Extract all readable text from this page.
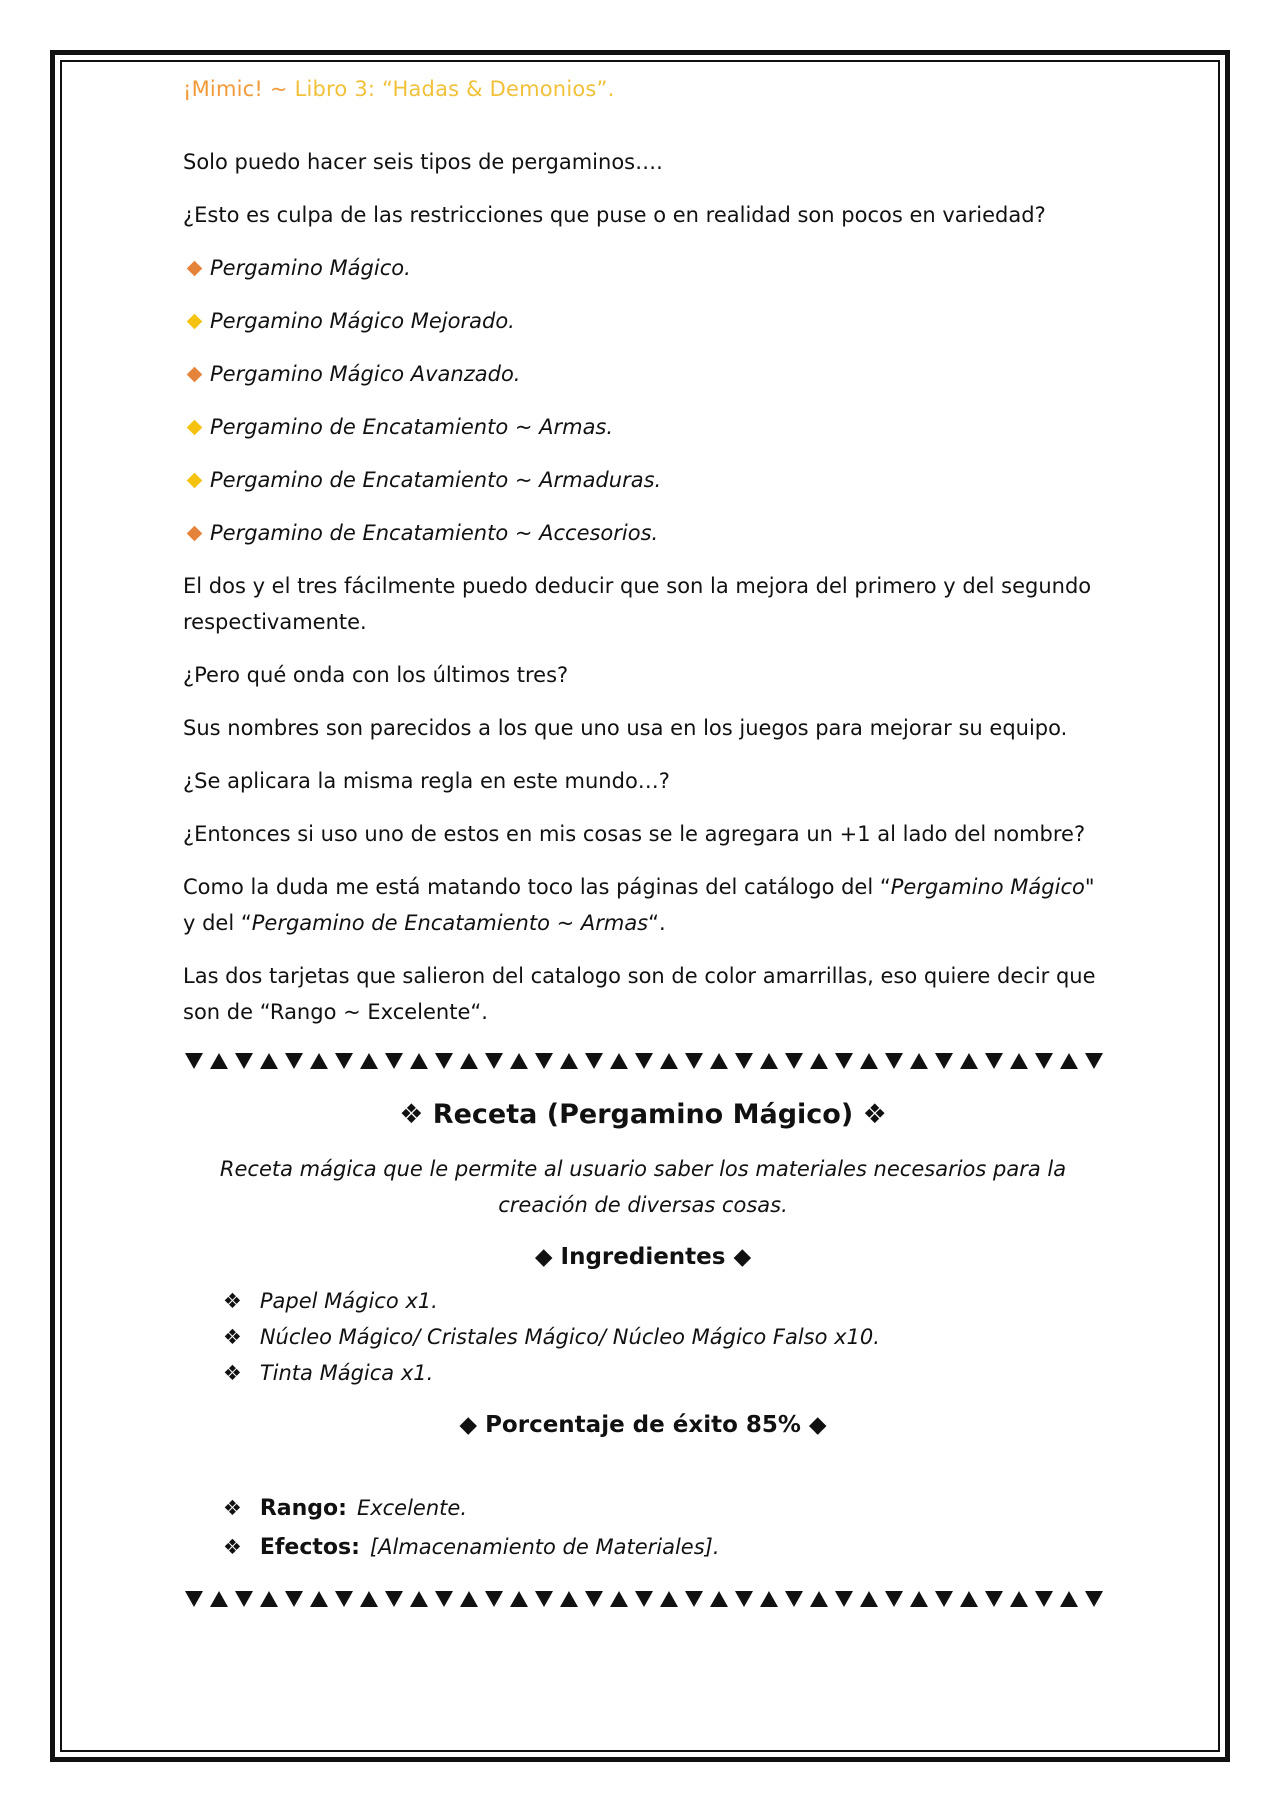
¡Mimic! ~ Libro 3: “Hadas & Demonios”.

Solo puedo hacer seis tipos de pergaminos….

¿Esto es culpa de las restricciones que puse o en realidad son pocos en variedad?

Pergamino Mágico.
Pergamino Mágico Mejorado.
Pergamino Mágico Avanzado.
Pergamino de Encatamiento ~ Armas.
Pergamino de Encatamiento ~ Armaduras.
Pergamino de Encatamiento ~ Accesorios.

El dos y el tres fácilmente puedo deducir que son la mejora del primero y del segundo respectivamente.

¿Pero qué onda con los últimos tres?

Sus nombres son parecidos a los que uno usa en los juegos para mejorar su equipo.

¿Se aplicara la misma regla en este mundo…?

¿Entonces si uso uno de estos en mis cosas se le agregara un +1 al lado del nombre?

Como la duda me está matando toco las páginas del catálogo del “Pergamino Mágico" y del “Pergamino de Encatamiento ~ Armas“.

Las dos tarjetas que salieron del catalogo son de color amarrillas, eso quiere decir que son de “Rango ~ Excelente“.

❖ Receta (Pergamino Mágico) ❖
Receta mágica que le permite al usuario saber los materiales necesarios para la creación de diversas cosas.
◆ Ingredientes ◆
❖ Papel Mágico x1.
❖ Núcleo Mágico/ Cristales Mágico/ Núcleo Mágico Falso x10.
❖ Tinta Mágica x1.
◆ Porcentaje de éxito 85% ◆
❖ Rango: Excelente.
❖ Efectos: [Almacenamiento de Materiales].
